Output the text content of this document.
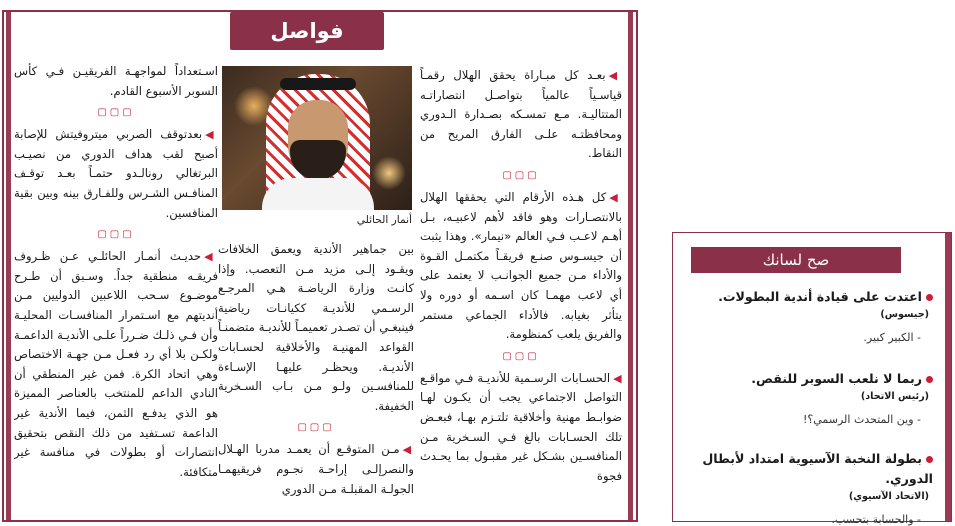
فواصل
◀بعـد كل مبـاراة يحقق الهلال رقمـاً قياسـياً عالمياً بتواصـل انتصاراتـه المتتاليـة. مـع تمسـكه بصـدارة الـدوري ومحافظتـه علـى الفارق المريح من النقاط.
▢▢▢
◀كل هـذه الأرقام التي يحققها الهلال بالانتصـارات وهو فاقد لأهم لاعبيـه، بـل أهـم لاعـب فـي العالم «نيمار». وهذا يثبت أن جيسـوس صنـع فريقـاً مكتمـل القـوة والأداء مـن جميع الجوانـب لا يعتمد على أي لاعب مهمـا كان اسـمه أو دوره ولا يتأثر بغيابه. فالأداء الجماعي مستمر والفريق يلعب كمنظومة.
▢▢▢
◀الحسـابات الرسـمية للأنديـة فـي مواقـع التواصل الاجتماعي يجب أن يكـون لهـا ضوابـط مهنية وأخلاقية تلتـزم بهـا، فبعـض تلك الحسـابات بالغ فـي السـخرية مـن المنافسـين بشـكل غير مقبـول بما يحـدث فجوة
أنمار الحائلي
بين جماهير الأندية ويعمق الخلافات ويقـود إلـى مزيد مـن التعصب. وإذا كانـت وزارة الرياضـة هـي المرجـع الرسـمي للأنديـة ككيانـات رياضية فينبغـي أن تصـدر تعميمـاً للأنديـة متضمنـاً القواعد المهنيـة والأخلاقية لحسـابات الأنديـة. ويحظـر عليهـا الإسـاءة للمنافسـين ولـو مـن بـاب السـخرية الخفيفة.
▢▢▢
◀مـن المتوقـع أن يعمـد مدربا الهـلال والنصرإلـى إراحـة نجـوم فريقيهمـا الجولـة المقبلـة مـن الدوري
اسـتعداداً لمواجهـة الفريقيـن فـي كأس السوبر الأسبوع القادم.
▢▢▢
◀بعدتوقف الصربي ميتروفيتش للإصابة أصبح لقب هداف الدوري من نصيـب البرتغالي رونالـدو حتمـاً بعـد توقـف المنافـس الشـرس وللفـارق بينه وبين بقية المنافسين.
▢▢▢
◀حديـث أنمـار الحائلـي عـن ظـروف فريقـه منطقية جداً. وسـبق أن طـرح موضـوع سـحب اللاعبين الدوليين مـن أنديتهم مع اسـتمرار المنافسـات المحليـة وأن فـي ذلـك ضـرراً علـى الأنديـة الداعمـة ولكـن بلا أي رد فعـل مـن جهـة الاختصاص وهي اتحاد الكرة. فمن غير المنطقي أن النادي الداعم للمنتخب بالعناصر المميزة هو الذي يدفـع الثمن، فيما الأندية غير الداعمة تسـتفيد من ذلك النقص بتحقيق انتصارات أو بطولات في منافسة غير متكافئة.
صح لسانك
اعتدت على قيادة أندية البطولات.
(جيسوس)
- الكبير كبير.
ربما لا نلعب السوبر للنقص.
(رئيس الاتحاد)
- وين المتحدث الرسمي؟!
بطولة النخبة الآسيوية امتداد لأبطال الدوري.
(الاتحاد الآسيوي)
- والحسابة بتحسب.
